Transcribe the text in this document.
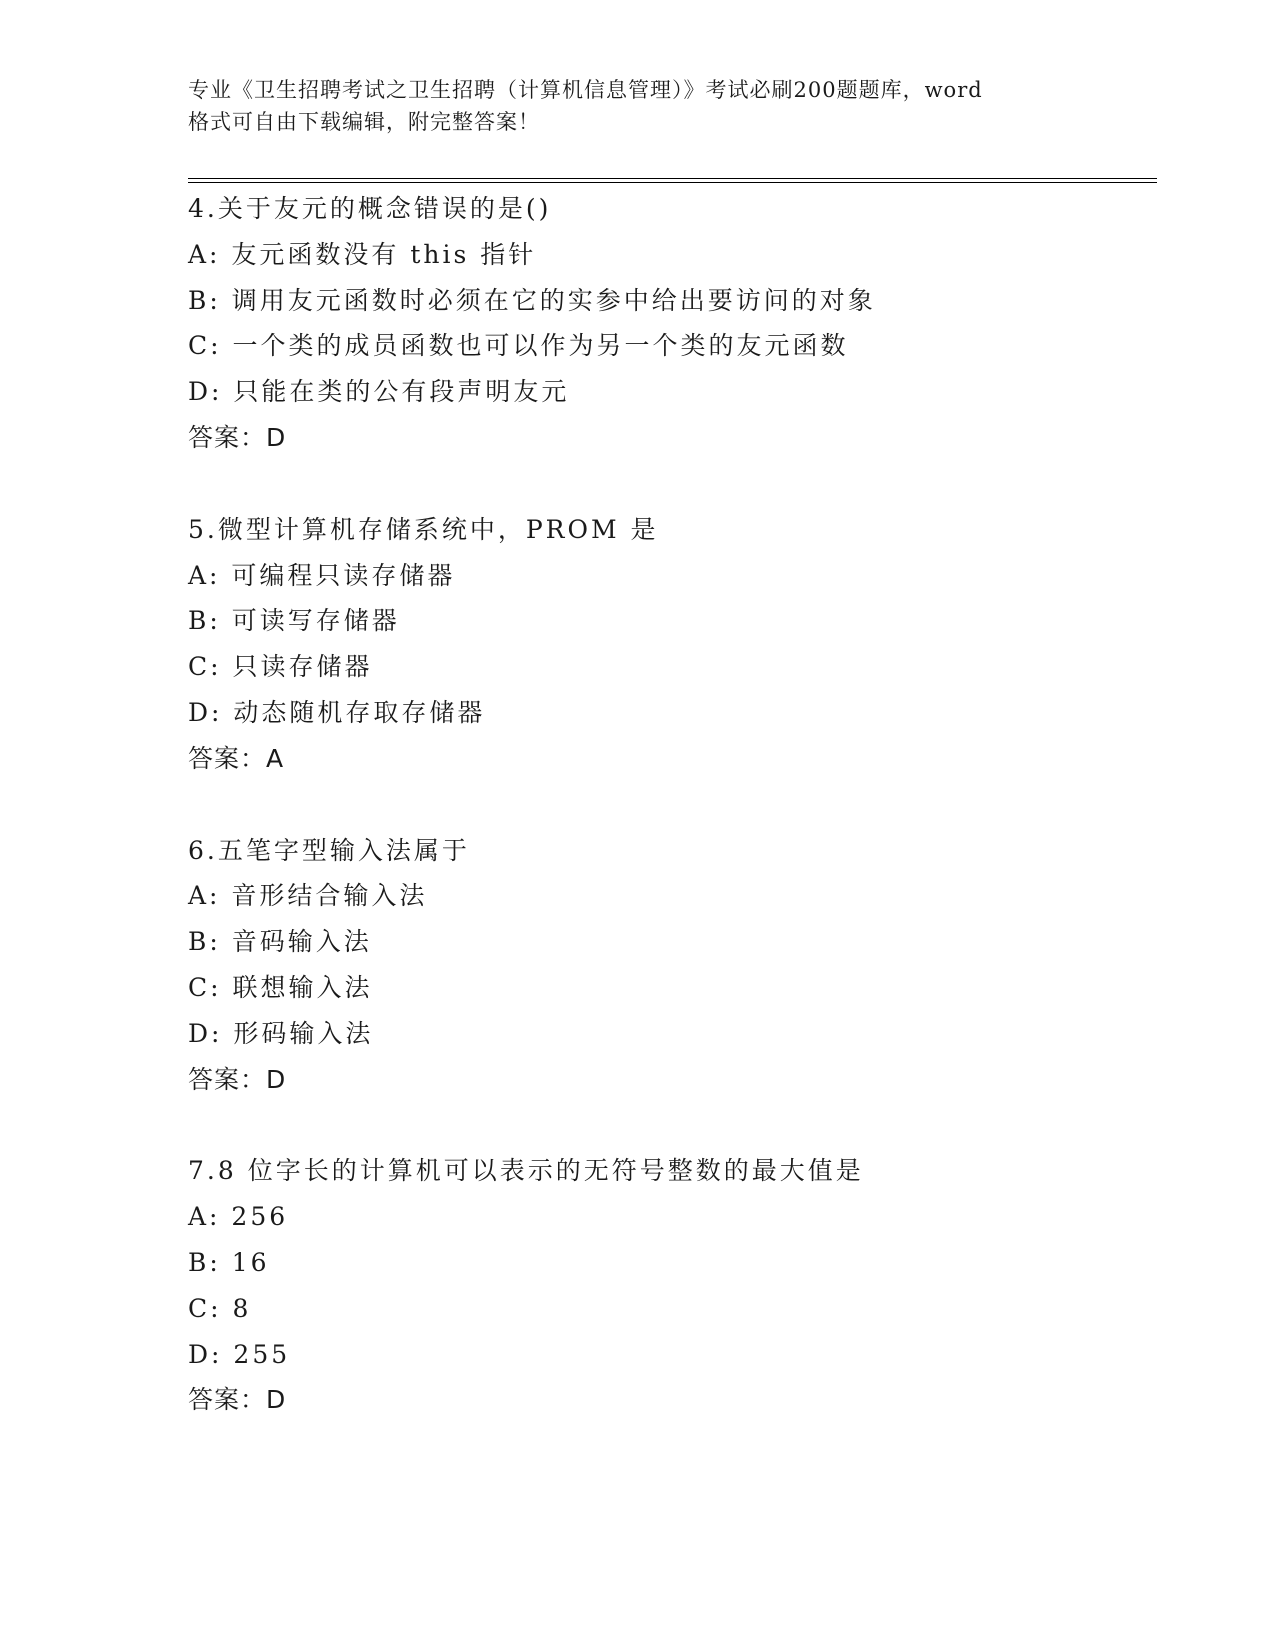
专业《卫生招聘考试之卫生招聘（计算机信息管理）》考试必刷200题题库，word
格式可自由下载编辑，附完整答案！
4.关于友元的概念错误的是()
A: 友元函数没有 this 指针
B: 调用友元函数时必须在它的实参中给出要访问的对象
C: 一个类的成员函数也可以作为另一个类的友元函数
D: 只能在类的公有段声明友元
答案：D
5.微型计算机存储系统中，PROM 是
A: 可编程只读存储器
B: 可读写存储器
C: 只读存储器
D: 动态随机存取存储器
答案：A
6.五笔字型输入法属于
A: 音形结合输入法
B: 音码输入法
C: 联想输入法
D: 形码输入法
答案：D
7.8 位字长的计算机可以表示的无符号整数的最大值是
A: 256
B: 16
C: 8
D: 255
答案：D
